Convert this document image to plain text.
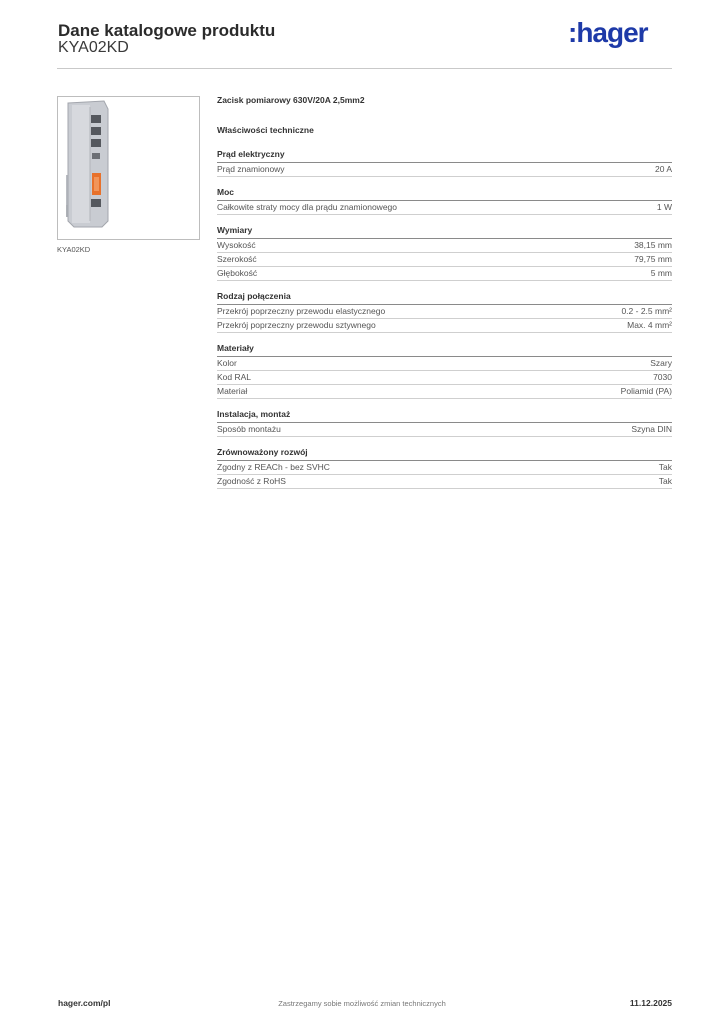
Dane katalogowe produktu
KYA02KD	:hager
KYA02KD
Zacisk pomiarowy 630V/20A 2,5mm2
Właściwości techniczne
Prąd elektryczny
Prąd znamionowy	20 A
Moc
Całkowite straty mocy dla prądu znamionowego	1 W
Wymiary
Wysokość	38,15 mm
Szerokość	79,75 mm
Głębokość	5 mm
Rodzaj połączenia
Przekrój poprzeczny przewodu elastycznego	0.2 - 2.5 mm²
Przekrój poprzeczny przewodu sztywnego	Max. 4 mm²
Materiały
Kolor	Szary
Kod RAL	7030
Materiał	Poliamid (PA)
Instalacja, montaż
Sposób montażu	Szyna DIN
Zrównoważony rozwój
Zgodny z REACh - bez SVHC	Tak
Zgodność z RoHS	Tak
hager.com/pl	Zastrzegamy sobie możliwość zmian technicznych	11.12.2025
